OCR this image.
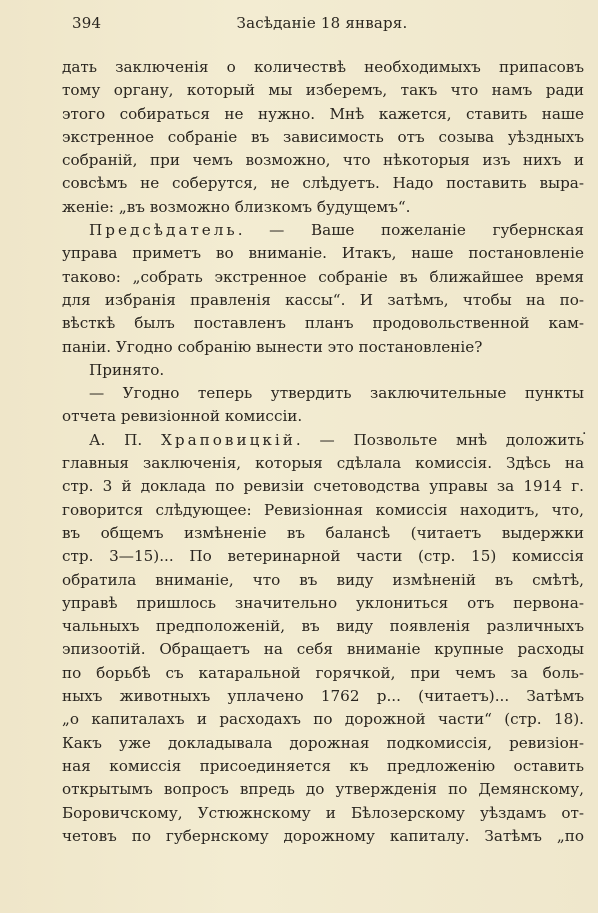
394	Засѣданіе 18 января.
дать заключенія о количествѣ необходимыхъ припасовъ
тому органу, который мы изберемъ, такъ что намъ ради
этого собираться не нужно. Мнѣ кажется, ставить наше
экстренное собраніе въ зависимость отъ созыва уѣздныхъ
собраній, при чемъ возможно, что нѣкоторыя изъ нихъ и
совсѣмъ не соберутся, не слѣдуетъ. Надо поставить выра-
женіе: „въ возможно близкомъ будущемъ“.
Предсѣдатель. — Ваше пожеланіе губернская
управа приметъ во вниманіе. Итакъ, наше постановленіе
таково: „собрать экстренное собраніе въ ближайшее время
для избранія правленія кассы“. И затѣмъ, чтобы на по-
вѣсткѣ былъ поставленъ планъ продовольственной кам-
паніи. Угодно собранію вынести это постановленіе?
Принято.
— Угодно теперь утвердить заключительные пункты
отчета ревизіонной комиссіи.
А. П. Храповицкій. — Позвольте мнѣ доложить
главныя заключенія, которыя сдѣлала комиссія. Здѣсь на
стр. 3 й доклада по ревизіи счетоводства управы за 1914 г.
говорится слѣдующее: Ревизіонная комиссія находитъ, что,
въ общемъ измѣненіе въ балансѣ (читаетъ выдержки
стр. 3—15)... По ветеринарной части (стр. 15) комиссія
обратила вниманіе, что въ виду измѣненій въ смѣтѣ,
управѣ пришлось значительно уклониться отъ первона-
чальныхъ предположеній, въ виду появленія различныхъ
эпизоотій. Обращаетъ на себя вниманіе крупные расходы
по борьбѣ съ катаральной горячкой, при чемъ за боль-
ныхъ животныхъ уплачено 1762 р... (читаетъ)... Затѣмъ
„о капиталахъ и расходахъ по дорожной части“ (стр. 18).
Какъ уже докладывала дорожная подкомиссія, ревизіон-
ная комиссія присоединяется къ предложенію оставить
открытымъ вопросъ впредь до утвержденія по Демянскому,
Боровичскому, Устюжнскому и Бѣлозерскому уѣздамъ от-
четовъ по губернскому дорожному капиталу. Затѣмъ „по
.
